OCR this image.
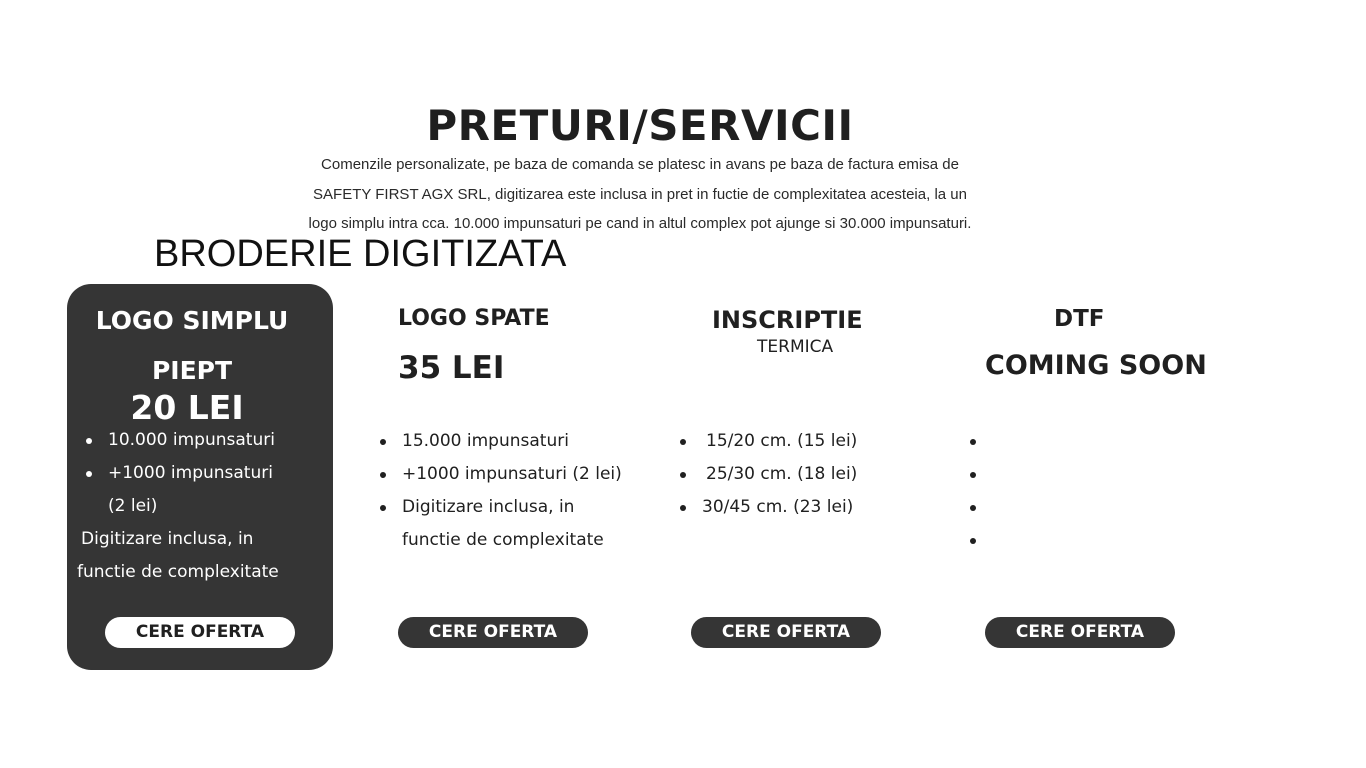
PRETURI/SERVICII
Comenzile personalizate, pe baza de comanda se platesc in avans pe baza de factura emisa de
SAFETY FIRST AGX SRL, digitizarea este inclusa in pret in fuctie de complexitatea acesteia, la un
logo simplu intra cca. 10.000 impunsaturi pe cand in altul complex pot ajunge si 30.000 impunsaturi.
BRODERIE DIGITIZATA
LOGO SIMPLU
PIEPT
20 LEI
10.000 impunsaturi
+1000 impunsaturi
(2 lei)
Digitizare inclusa, in
functie de complexitate
CERE OFERTA
LOGO SPATE
35 LEI
15.000 impunsaturi
+1000 impunsaturi (2 lei)
Digitizare inclusa, in
functie de complexitate
CERE OFERTA
INSCRIPTIE
TERMICA
15/20 cm. (15 lei)
25/30 cm. (18 lei)
30/45 cm. (23 lei)
CERE OFERTA
DTF
COMING SOON

CERE OFERTA
